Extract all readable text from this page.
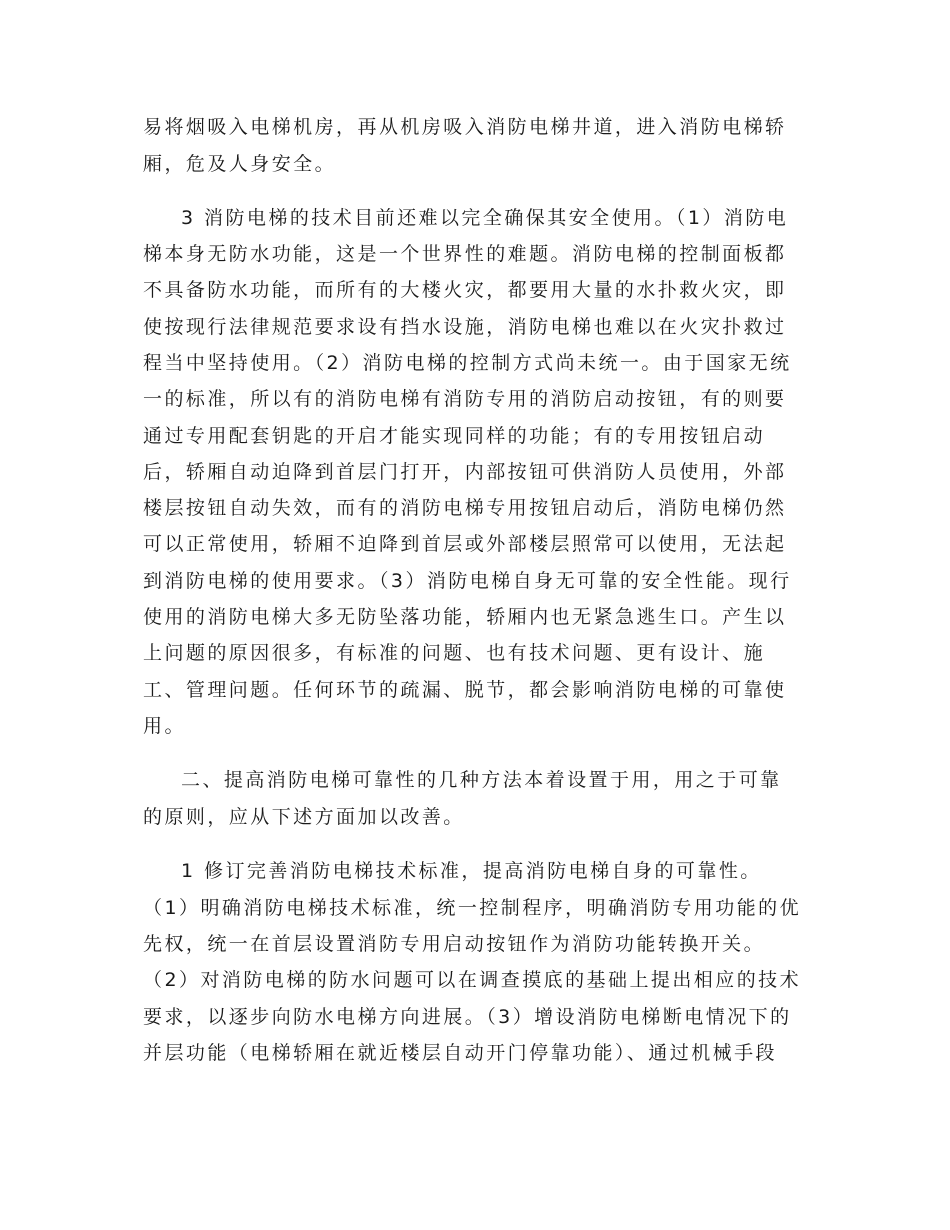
易将烟吸入电梯机房，再从机房吸入消防电梯井道，进入消防电梯轿
厢，危及人身安全。
3 消防电梯的技术目前还难以完全确保其安全使用。（1）消防电
梯本身无防水功能，这是一个世界性的难题。消防电梯的控制面板都
不具备防水功能，而所有的大楼火灾，都要用大量的水扑救火灾，即
使按现行法律规范要求设有挡水设施，消防电梯也难以在火灾扑救过
程当中坚持使用。（2）消防电梯的控制方式尚未统一。由于国家无统
一的标准，所以有的消防电梯有消防专用的消防启动按钮，有的则要
通过专用配套钥匙的开启才能实现同样的功能；有的专用按钮启动
后，轿厢自动迫降到首层门打开，内部按钮可供消防人员使用，外部
楼层按钮自动失效，而有的消防电梯专用按钮启动后，消防电梯仍然
可以正常使用，轿厢不迫降到首层或外部楼层照常可以使用，无法起
到消防电梯的使用要求。（3）消防电梯自身无可靠的安全性能。现行
使用的消防电梯大多无防坠落功能，轿厢内也无紧急逃生口。产生以
上问题的原因很多，有标准的问题、也有技术问题、更有设计、施
工、管理问题。任何环节的疏漏、脱节，都会影响消防电梯的可靠使
用。
二、提高消防电梯可靠性的几种方法本着设置于用，用之于可靠
的原则，应从下述方面加以改善。
1 修订完善消防电梯技术标准，提高消防电梯自身的可靠性。
（1）明确消防电梯技术标准，统一控制程序，明确消防专用功能的优
先权，统一在首层设置消防专用启动按钮作为消防功能转换开关。
（2）对消防电梯的防水问题可以在调查摸底的基础上提出相应的技术
要求，以逐步向防水电梯方向进展。（3）增设消防电梯断电情况下的
并层功能（电梯轿厢在就近楼层自动开门停靠功能）、通过机械手段
